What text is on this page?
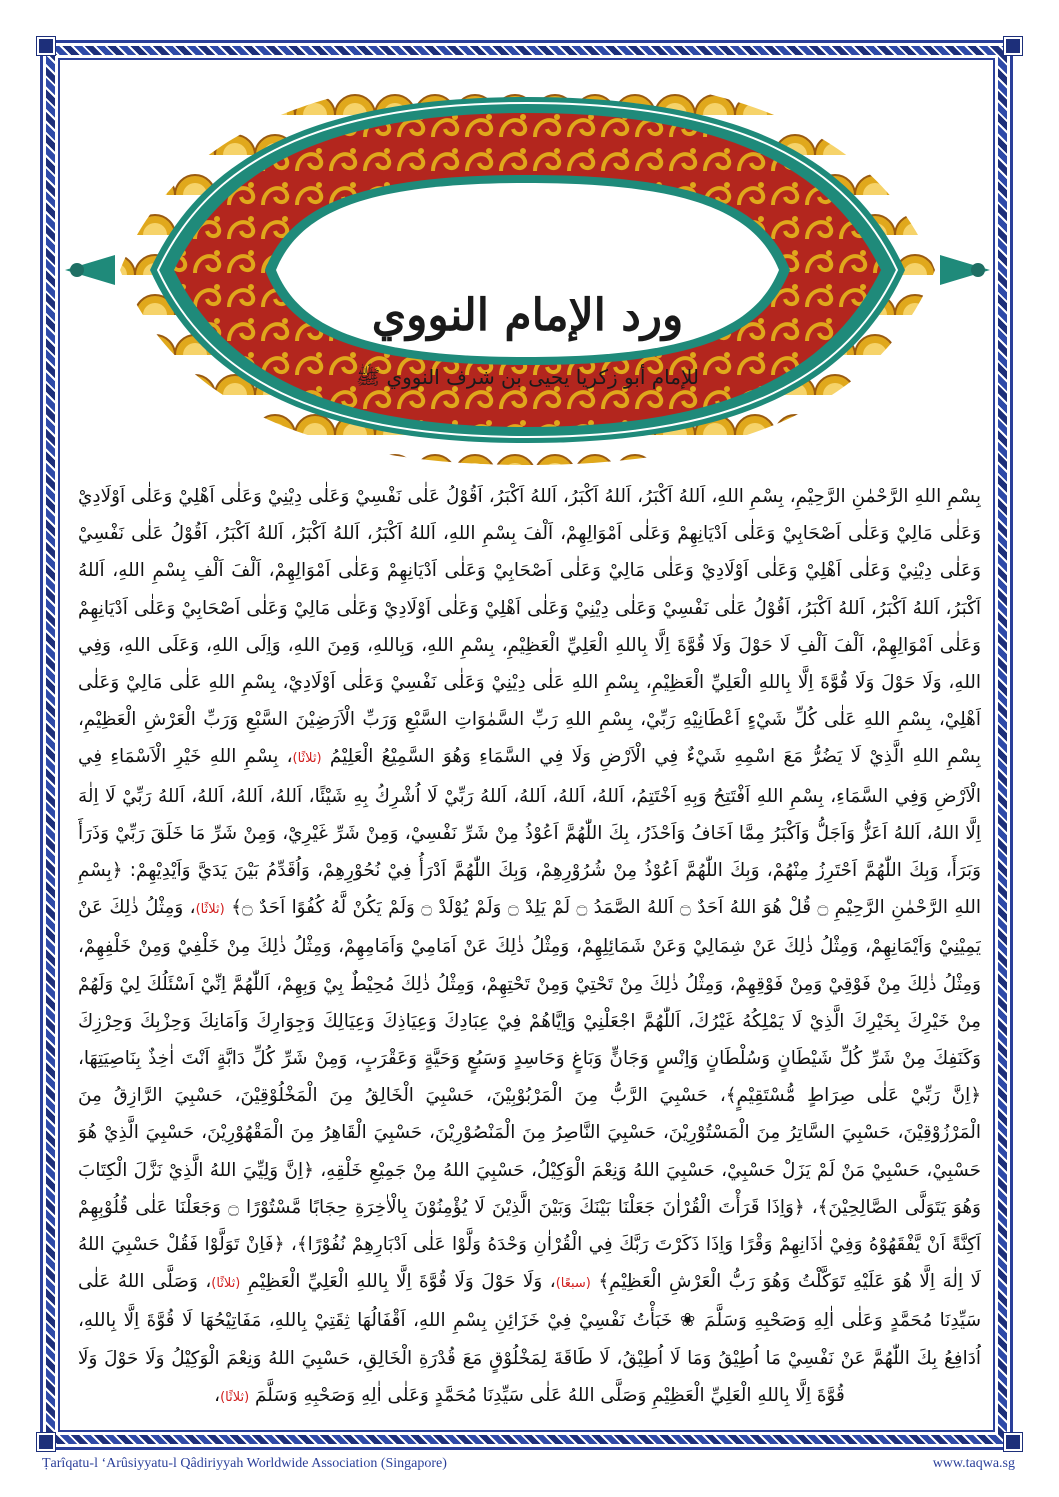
ورد الإمام النووي
للإمام أبو زكريا يحيى بن شرف النووي ﷺ
بِسْمِ اللهِ الرَّحْمٰنِ الرَّحِيْمِ، بِسْمِ اللهِ، اَللهُ اَكْبَرُ، اَللهُ اَكْبَرُ، اَللهُ اَكْبَرُ، اَقُوْلُ عَلٰى نَفْسِيْ وَعَلٰى دِيْنِيْ وَعَلٰى اَهْلِيْ وَعَلٰى اَوْلَادِيْ وَعَلٰى مَالِيْ وَعَلٰى اَصْحَابِيْ وَعَلٰى اَدْيَانِهِمْ وَعَلٰى اَمْوَالِهِمْ، اَلْفَ بِسْمِ اللهِ، اَللهُ اَكْبَرُ، اَللهُ اَكْبَرُ، اَللهُ اَكْبَرُ، اَقُوْلُ عَلٰى نَفْسِيْ وَعَلٰى دِيْنِيْ وَعَلٰى اَهْلِيْ وَعَلٰى اَوْلَادِيْ وَعَلٰى مَالِيْ وَعَلٰى اَصْحَابِيْ وَعَلٰى اَدْيَانِهِمْ وَعَلٰى اَمْوَالِهِمْ، اَلْفَ اَلْفِ بِسْمِ اللهِ، اَللهُ اَكْبَرُ، اَللهُ اَكْبَرُ، اَللهُ اَكْبَرُ، اَقُوْلُ عَلٰى نَفْسِيْ وَعَلٰى دِيْنِيْ وَعَلٰى اَهْلِيْ وَعَلٰى اَوْلَادِيْ وَعَلٰى مَالِيْ وَعَلٰى اَصْحَابِيْ وَعَلٰى اَدْيَانِهِمْ وَعَلٰى اَمْوَالِهِمْ، اَلْفَ اَلْفِ لَا حَوْلَ وَلَا قُوَّةَ اِلَّا بِاللهِ الْعَلِيِّ الْعَظِيْمِ، بِسْمِ اللهِ، وَبِاللهِ، وَمِنَ اللهِ، وَاِلَى اللهِ، وَعَلَى اللهِ، وَفِي اللهِ، وَلَا حَوْلَ وَلَا قُوَّةَ اِلَّا بِاللهِ الْعَلِيِّ الْعَظِيْمِ، بِسْمِ اللهِ عَلٰى دِيْنِيْ وَعَلٰى نَفْسِيْ وَعَلٰى اَوْلَادِيْ، بِسْمِ اللهِ عَلٰى مَالِيْ وَعَلٰى اَهْلِيْ، بِسْمِ اللهِ عَلٰى كُلِّ شَيْءٍ اَعْطَانِيْهِ رَبِّيْ، بِسْمِ اللهِ رَبِّ السَّمٰوَاتِ السَّبْعِ وَرَبِّ الْاَرَضِيْنَ السَّبْعِ وَرَبِّ الْعَرْشِ الْعَظِيْمِ، بِسْمِ اللهِ الَّذِيْ لَا يَضُرُّ مَعَ اسْمِهِ شَيْءٌ فِي الْاَرْضِ وَلَا فِي السَّمَاءِ وَهُوَ السَّمِيْعُ الْعَلِيْمُ (ثلاثًا)، بِسْمِ اللهِ خَيْرِ الْاَسْمَاءِ فِي الْاَرْضِ وَفِي السَّمَاءِ، بِسْمِ اللهِ اَفْتَتِحُ وَبِهِ اَخْتَتِمُ، اَللهُ، اَللهُ، اَللهُ، اَللهُ رَبِّيْ لَا اُشْرِكُ بِهِ شَيْئًا، اَللهُ، اَللهُ، اَللهُ، اَللهُ رَبِّيْ لَا اِلٰهَ اِلَّا اللهُ، اَللهُ اَعَزُّ وَاَجَلُّ وَاَكْبَرُ مِمَّا اَخَافُ وَاَحْذَرُ، بِكَ اللّٰهُمَّ اَعُوْذُ مِنْ شَرِّ نَفْسِيْ، وَمِنْ شَرِّ غَيْرِيْ، وَمِنْ شَرِّ مَا خَلَقَ رَبِّيْ وَذَرَأَ وَبَرَأَ، وَبِكَ اللّٰهُمَّ اَحْتَرِزُ مِنْهُمْ، وَبِكَ اللّٰهُمَّ اَعُوْذُ مِنْ شُرُوْرِهِمْ، وَبِكَ اللّٰهُمَّ اَدْرَأُ فِيْ نُحُوْرِهِمْ، وَاُقَدِّمُ بَيْنَ يَدَيَّ وَاَيْدِيْهِمْ: ﴿بِسْمِ اللهِ الرَّحْمٰنِ الرَّحِيْمِ ۝ قُلْ هُوَ اللهُ اَحَدٌ ۝ اَللهُ الصَّمَدُ ۝ لَمْ يَلِدْ ۝ وَلَمْ يُوْلَدْ ۝ وَلَمْ يَكُنْ لَّهُ كُفُوًا اَحَدٌ ۝﴾ (ثلاثًا)، وَمِثْلُ ذٰلِكَ عَنْ يَمِيْنِيْ وَاَيْمَانِهِمْ، وَمِثْلُ ذٰلِكَ عَنْ شِمَالِيْ وَعَنْ شَمَائِلِهِمْ، وَمِثْلُ ذٰلِكَ عَنْ اَمَامِيْ وَاَمَامِهِمْ، وَمِثْلُ ذٰلِكَ مِنْ خَلْفِيْ وَمِنْ خَلْفِهِمْ، وَمِثْلُ ذٰلِكَ مِنْ فَوْقِيْ وَمِنْ فَوْقِهِمْ، وَمِثْلُ ذٰلِكَ مِنْ تَحْتِيْ وَمِنْ تَحْتِهِمْ، وَمِثْلُ ذٰلِكَ مُحِيْطٌ بِيْ وَبِهِمْ، اَللّٰهُمَّ اِنِّيْ اَسْئَلُكَ لِيْ وَلَهُمْ مِنْ خَيْرِكَ بِخَيْرِكَ الَّذِيْ لَا يَمْلِكُهُ غَيْرُكَ، اَللّٰهُمَّ اجْعَلْنِيْ وَاِيَّاهُمْ فِيْ عِبَادِكَ وَعِيَاذِكَ وَعِيَالِكَ وَجِوَارِكَ وَاَمَانِكَ وَحِزْبِكَ وَحِرْزِكَ وَكَنَفِكَ مِنْ شَرِّ كُلِّ شَيْطَانٍ وَسُلْطَانٍ وَاِنْسٍ وَجَانٍّ وَبَاغٍ وَحَاسِدٍ وَسَبُعٍ وَحَيَّةٍ وَعَقْرَبٍ، وَمِنْ شَرِّ كُلِّ دَابَّةٍ اَنْتَ اٰخِذٌ بِنَاصِيَتِهَا، ﴿اِنَّ رَبِّيْ عَلٰى صِرَاطٍ مُّسْتَقِيْمٍ﴾، حَسْبِيَ الرَّبُّ مِنَ الْمَرْبُوْبِيْنَ، حَسْبِيَ الْخَالِقُ مِنَ الْمَخْلُوْقِيْنَ، حَسْبِيَ الرَّازِقُ مِنَ الْمَرْزُوْقِيْنَ، حَسْبِيَ السَّاتِرُ مِنَ الْمَسْتُوْرِيْنَ، حَسْبِيَ النَّاصِرُ مِنَ الْمَنْصُوْرِيْنَ، حَسْبِيَ الْقَاهِرُ مِنَ الْمَقْهُوْرِيْنَ، حَسْبِيَ الَّذِيْ هُوَ حَسْبِيْ، حَسْبِيْ مَنْ لَمْ يَزَلْ حَسْبِيْ، حَسْبِيَ اللهُ وَنِعْمَ الْوَكِيْلُ، حَسْبِيَ اللهُ مِنْ جَمِيْعِ خَلْقِهِ، ﴿اِنَّ وَلِيِّيَ اللهُ الَّذِيْ نَزَّلَ الْكِتَابَ وَهُوَ يَتَوَلَّى الصَّالِحِيْنَ﴾، ﴿وَاِذَا قَرَأْتَ الْقُرْاٰنَ جَعَلْنَا بَيْنَكَ وَبَيْنَ الَّذِيْنَ لَا يُؤْمِنُوْنَ بِالْاٰخِرَةِ حِجَابًا مَّسْتُوْرًا ۝ وَجَعَلْنَا عَلٰى قُلُوْبِهِمْ اَكِنَّةً اَنْ يَّفْقَهُوْهُ وَفِيْ اٰذَانِهِمْ وَقْرًا وَاِذَا ذَكَرْتَ رَبَّكَ فِي الْقُرْاٰنِ وَحْدَهُ وَلَّوْا عَلٰى اَدْبَارِهِمْ نُفُوْرًا﴾، ﴿فَاِنْ تَوَلَّوْا فَقُلْ حَسْبِيَ اللهُ لَا اِلٰهَ اِلَّا هُوَ عَلَيْهِ تَوَكَّلْتُ وَهُوَ رَبُّ الْعَرْشِ الْعَظِيْمِ﴾ (سبعًا)، وَلَا حَوْلَ وَلَا قُوَّةَ اِلَّا بِاللهِ الْعَلِيِّ الْعَظِيْمِ (ثلاثًا)، وَصَلَّى اللهُ عَلٰى سَيِّدِنَا مُحَمَّدٍ وَعَلٰى اٰلِهِ وَصَحْبِهِ وَسَلَّمَ ❀ خَبَأْتُ نَفْسِيْ فِيْ خَزَائِنِ بِسْمِ اللهِ، اَقْفَالُهَا ثِقَتِيْ بِاللهِ، مَفَاتِيْحُهَا لَا قُوَّةَ اِلَّا بِاللهِ، اُدَافِعُ بِكَ اللّٰهُمَّ عَنْ نَفْسِيْ مَا اُطِيْقُ وَمَا لَا اُطِيْقُ، لَا طَاقَةَ لِمَخْلُوْقٍ مَعَ قُدْرَةِ الْخَالِقِ، حَسْبِيَ اللهُ وَنِعْمَ الْوَكِيْلُ وَلَا حَوْلَ وَلَا قُوَّةَ اِلَّا بِاللهِ الْعَلِيِّ الْعَظِيْمِ وَصَلَّى اللهُ عَلٰى سَيِّدِنَا مُحَمَّدٍ وَعَلٰى اٰلِهِ وَصَحْبِهِ وَسَلَّمَ (ثلاثًا)،
Ṭarîqatu-l ‘Arûsiyyatu-l Qâdiriyyah Worldwide Association (Singapore)	www.taqwa.sg
